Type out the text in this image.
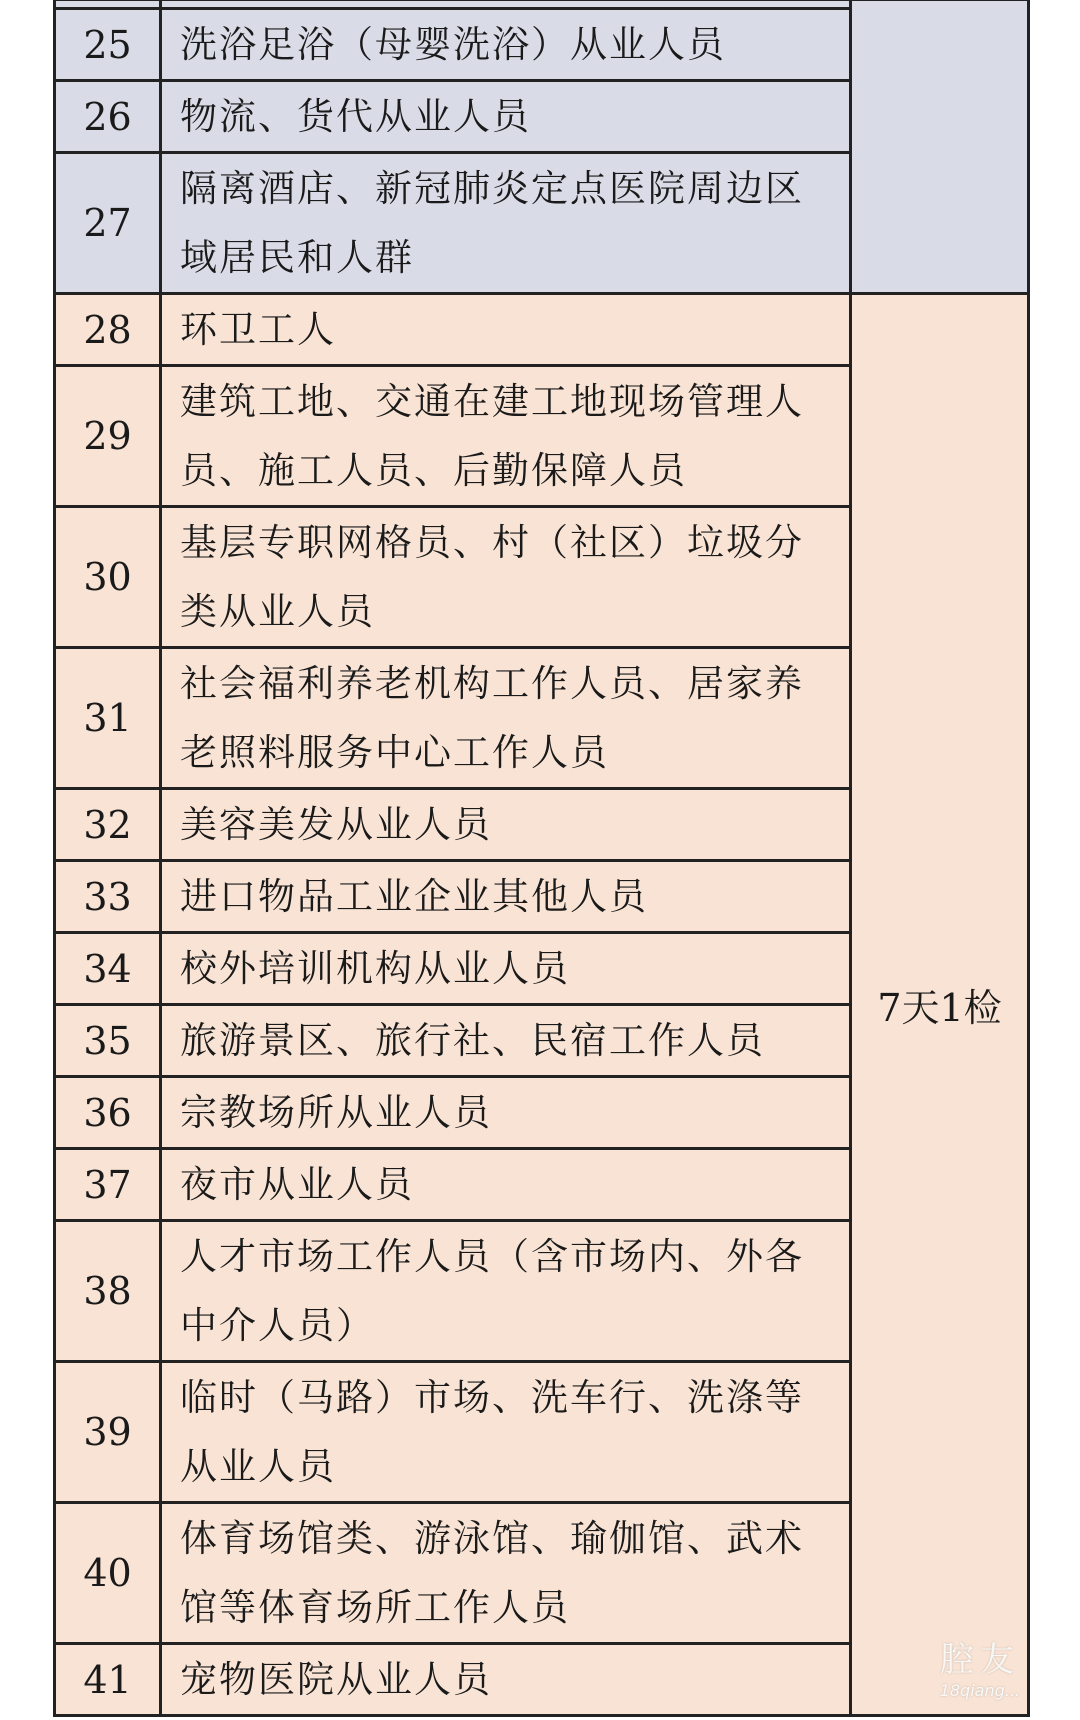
25	洗浴足浴（母婴洗浴）从业人员	
26	物流、货代从业人员	
27	隔离酒店、新冠肺炎定点医院周边区域居民和人群	
28	环卫工人	7天1检
29	建筑工地、交通在建工地现场管理人员、施工人员、后勤保障人员	
30	基层专职网格员、村（社区）垃圾分类从业人员	
31	社会福利养老机构工作人员、居家养老照料服务中心工作人员	
32	美容美发从业人员	
33	进口物品工业企业其他人员	
34	校外培训机构从业人员	
35	旅游景区、旅行社、民宿工作人员	
36	宗教场所从业人员	
37	夜市从业人员	
38	人才市场工作人员（含市场内、外各中介人员）	
39	临时（马路）市场、洗车行、洗涤等从业人员	
40	体育场馆类、游泳馆、瑜伽馆、武术馆等体育场所工作人员	
41	宠物医院从业人员		腔友
18qiang...
